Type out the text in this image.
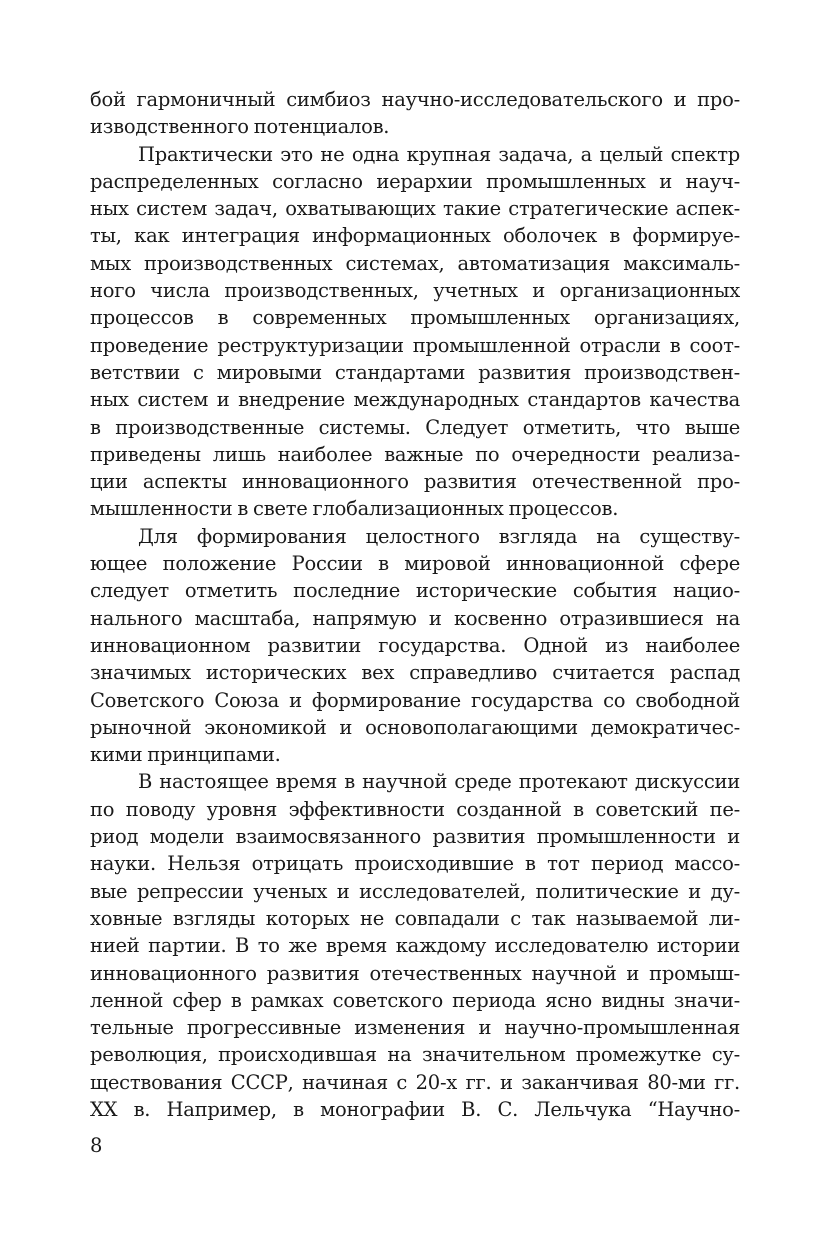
бой гармоничный симбиоз научно-исследовательского и про-
изводственного потенциалов.
Практически это не одна крупная задача, а целый спектр
распределенных согласно иерархии промышленных и науч-
ных систем задач, охватывающих такие стратегические аспек-
ты, как интеграция информационных оболочек в формируе-
мых производственных системах, автоматизация максималь-
ного числа производственных, учетных и организационных
процессов в современных промышленных организациях,
проведение реструктуризации промышленной отрасли в соот-
ветствии с мировыми стандартами развития производствен-
ных систем и внедрение международных стандартов качества
в производственные системы. Следует отметить, что выше
приведены лишь наиболее важные по очередности реализа-
ции аспекты инновационного развития отечественной про-
мышленности в свете глобализационных процессов.
Для формирования целостного взгляда на существу-
ющее положение России в мировой инновационной сфере
следует отметить последние исторические события нацио-
нального масштаба, напрямую и косвенно отразившиеся на
инновационном развитии государства. Одной из наиболее
значимых исторических вех справедливо считается распад
Советского Союза и формирование государства со свободной
рыночной экономикой и основополагающими демократичес-
кими принципами.
В настоящее время в научной среде протекают дискуссии
по поводу уровня эффективности созданной в советский пе-
риод модели взаимосвязанного развития промышленности и
науки. Нельзя отрицать происходившие в тот период массо-
вые репрессии ученых и исследователей, политические и ду-
ховные взгляды которых не совпадали с так называемой ли-
нией партии. В то же время каждому исследователю истории
инновационного развития отечественных научной и промыш-
ленной сфер в рамках советского периода ясно видны значи-
тельные прогрессивные изменения и научно-промышленная
революция, происходившая на значительном промежутке су-
ществования СССР, начиная с 20-х гг. и заканчивая 80-ми гг.
XX в. Например, в монографии В. С. Лельчука “Научно-
8
